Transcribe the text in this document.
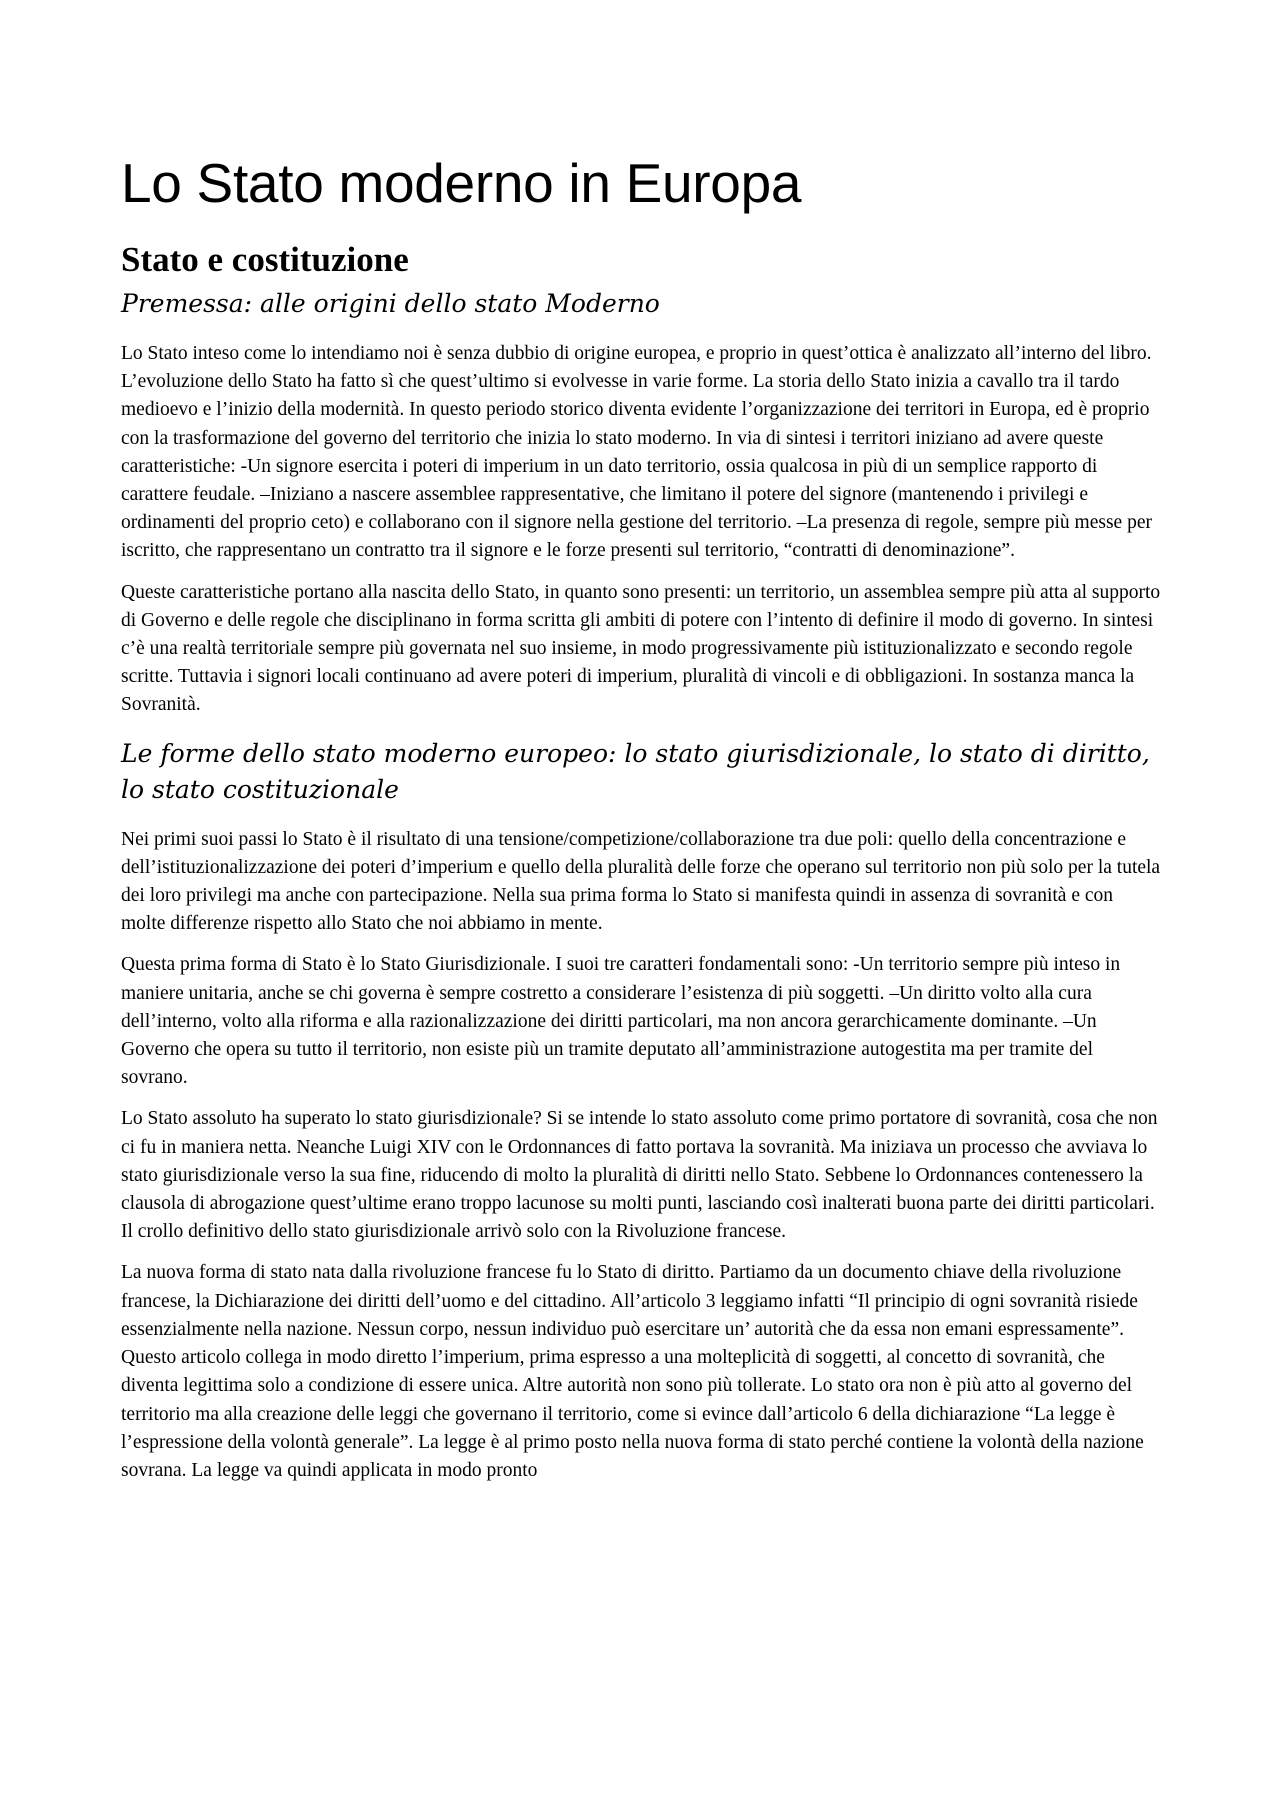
Lo Stato moderno in Europa
Stato e costituzione
Premessa: alle origini dello stato Moderno

Lo Stato inteso come lo intendiamo noi è senza dubbio di origine europea, e proprio in quest’ottica è analizzato all’interno del libro. L’evoluzione dello Stato ha fatto sì che quest’ultimo si evolvesse in varie forme. La storia dello Stato inizia a cavallo tra il tardo medioevo e l’inizio della modernità. In questo periodo storico diventa evidente l’organizzazione dei territori in Europa, ed è proprio con la trasformazione del governo del territorio che inizia lo stato moderno. In via di sintesi i territori iniziano ad avere queste caratteristiche: -Un signore esercita i poteri di imperium in un dato territorio, ossia qualcosa in più di un semplice rapporto di carattere feudale. –Iniziano a nascere assemblee rappresentative, che limitano il potere del signore (mantenendo i privilegi e ordinamenti del proprio ceto) e collaborano con il signore nella gestione del territorio. –La presenza di regole, sempre più messe per iscritto, che rappresentano un contratto tra il signore e le forze presenti sul territorio, “contratti di denominazione”.

Queste caratteristiche portano alla nascita dello Stato, in quanto sono presenti: un territorio, un assemblea sempre più atta al supporto di Governo e delle regole che disciplinano in forma scritta gli ambiti di potere con l’intento di definire il modo di governo. In sintesi c’è una realtà territoriale sempre più governata nel suo insieme, in modo progressivamente più istituzionalizzato e secondo regole scritte. Tuttavia i signori locali continuano ad avere poteri di imperium, pluralità di vincoli e di obbligazioni. In sostanza manca la Sovranità.

Le forme dello stato moderno europeo: lo stato giurisdizionale, lo stato di diritto, lo stato costituzionale

Nei primi suoi passi lo Stato è il risultato di una tensione/competizione/collaborazione tra due poli: quello della concentrazione e dell’istituzionalizzazione dei poteri d’imperium e quello della pluralità delle forze che operano sul territorio non più solo per la tutela dei loro privilegi ma anche con partecipazione. Nella sua prima forma lo Stato si manifesta quindi in assenza di sovranità e con molte differenze rispetto allo Stato che noi abbiamo in mente.

Questa prima forma di Stato è lo Stato Giurisdizionale. I suoi tre caratteri fondamentali sono: -Un territorio sempre più inteso in maniere unitaria, anche se chi governa è sempre costretto a considerare l’esistenza di più soggetti. –Un diritto volto alla cura dell’interno, volto alla riforma e alla razionalizzazione dei diritti particolari, ma non ancora gerarchicamente dominante. –Un Governo che opera su tutto il territorio, non esiste più un tramite deputato all’amministrazione autogestita ma per tramite del sovrano.

Lo Stato assoluto ha superato lo stato giurisdizionale? Si se intende lo stato assoluto come primo portatore di sovranità, cosa che non ci fu in maniera netta. Neanche Luigi XIV con le Ordonnances di fatto portava la sovranità. Ma iniziava un processo che avviava lo stato giurisdizionale verso la sua fine, riducendo di molto la pluralità di diritti nello Stato. Sebbene lo Ordonnances contenessero la clausola di abrogazione quest’ultime erano troppo lacunose su molti punti, lasciando così inalterati buona parte dei diritti particolari. Il crollo definitivo dello stato giurisdizionale arrivò solo con la Rivoluzione francese.

La nuova forma di stato nata dalla rivoluzione francese fu lo Stato di diritto. Partiamo da un documento chiave della rivoluzione francese, la Dichiarazione dei diritti dell’uomo e del cittadino. All’articolo 3 leggiamo infatti “Il principio di ogni sovranità risiede essenzialmente nella nazione. Nessun corpo, nessun individuo può esercitare un’ autorità che da essa non emani espressamente”. Questo articolo collega in modo diretto l’imperium, prima espresso a una molteplicità di soggetti, al concetto di sovranità, che diventa legittima solo a condizione di essere unica. Altre autorità non sono più tollerate. Lo stato ora non è più atto al governo del territorio ma alla creazione delle leggi che governano il territorio, come si evince dall’articolo 6 della dichiarazione “La legge è l’espressione della volontà generale”. La legge è al primo posto nella nuova forma di stato perché contiene la volontà della nazione sovrana. La legge va quindi applicata in modo pronto
